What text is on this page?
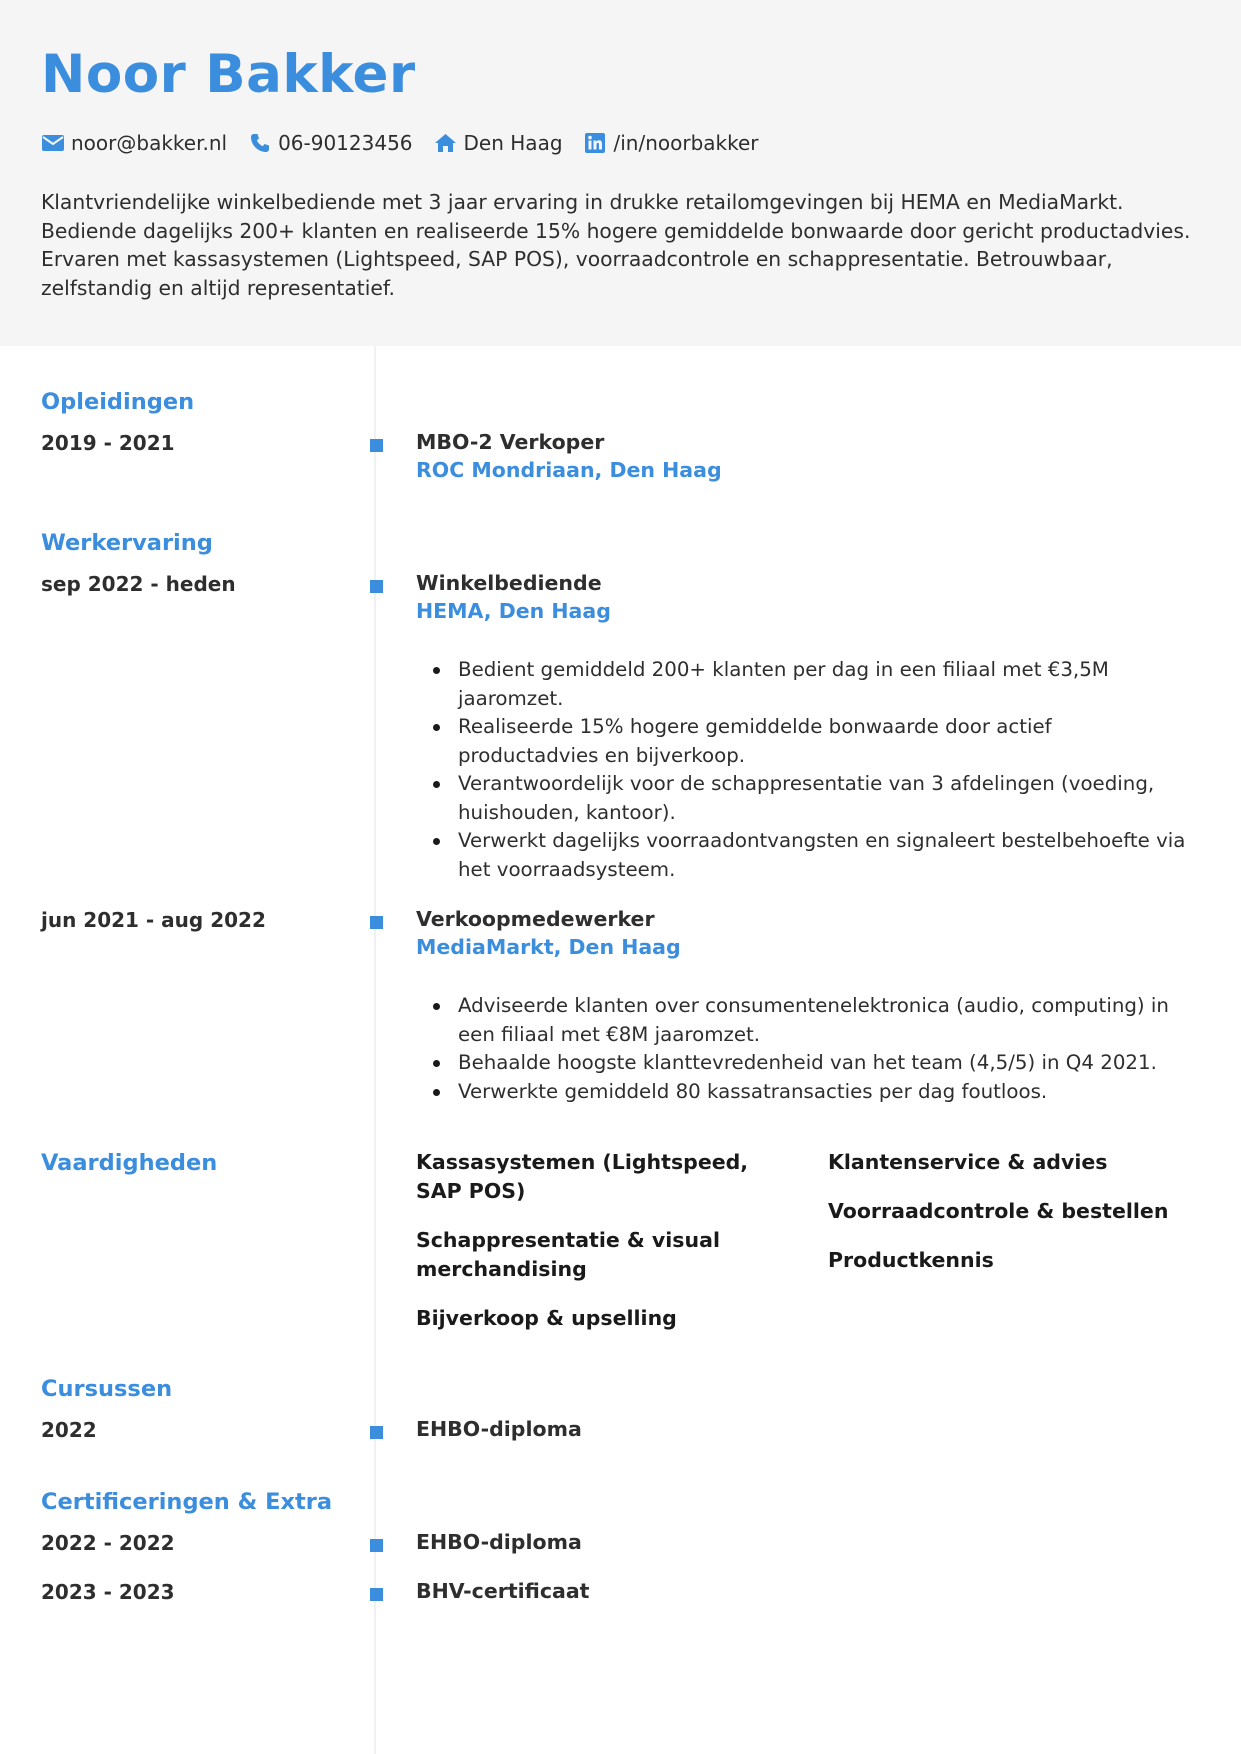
Noor Bakker
noor@bakker.nl	06-90123456	Den Haag	/in/noorbakker

Klantvriendelijke winkelbediende met 3 jaar ervaring in drukke retailomgevingen bij HEMA en MediaMarkt. Bediende dagelijks 200+ klanten en realiseerde 15% hogere gemiddelde bonwaarde door gericht productadvies. Ervaren met kassasystemen (Lightspeed, SAP POS), voorraadcontrole en schappresentatie. Betrouwbaar, zelfstandig en altijd representatief.

Opleidingen
2019 - 2021	MBO-2 Verkoper
ROC Mondriaan, Den Haag
Werkervaring
sep 2022 - heden	Winkelbediende
HEMA, Den Haag
Bedient gemiddeld 200+ klanten per dag in een filiaal met €3,5M jaaromzet.
Realiseerde 15% hogere gemiddelde bonwaarde door actief productadvies en bijverkoop.
Verantwoordelijk voor de schappresentatie van 3 afdelingen (voeding, huishouden, kantoor).
Verwerkt dagelijks voorraadontvangsten en signaleert bestelbehoefte via het voorraadsysteem.
jun 2021 - aug 2022	Verkoopmedewerker
MediaMarkt, Den Haag
Adviseerde klanten over consumentenelektronica (audio, computing) in een filiaal met €8M jaaromzet.
Behaalde hoogste klanttevredenheid van het team (4,5/5) in Q4 2021.
Verwerkte gemiddeld 80 kassatransacties per dag foutloos.
Vaardigheden	Kassasystemen (Lightspeed, SAP POS)
Schappresentatie & visual merchandising
Bijverkoop & upselling
Klantenservice & advies
Voorraadcontrole & bestellen
Productkennis
Cursussen
2022	EHBO-diploma
Certificeringen & Extra
2022 - 2022	EHBO-diploma
2023 - 2023	BHV-certificaat
